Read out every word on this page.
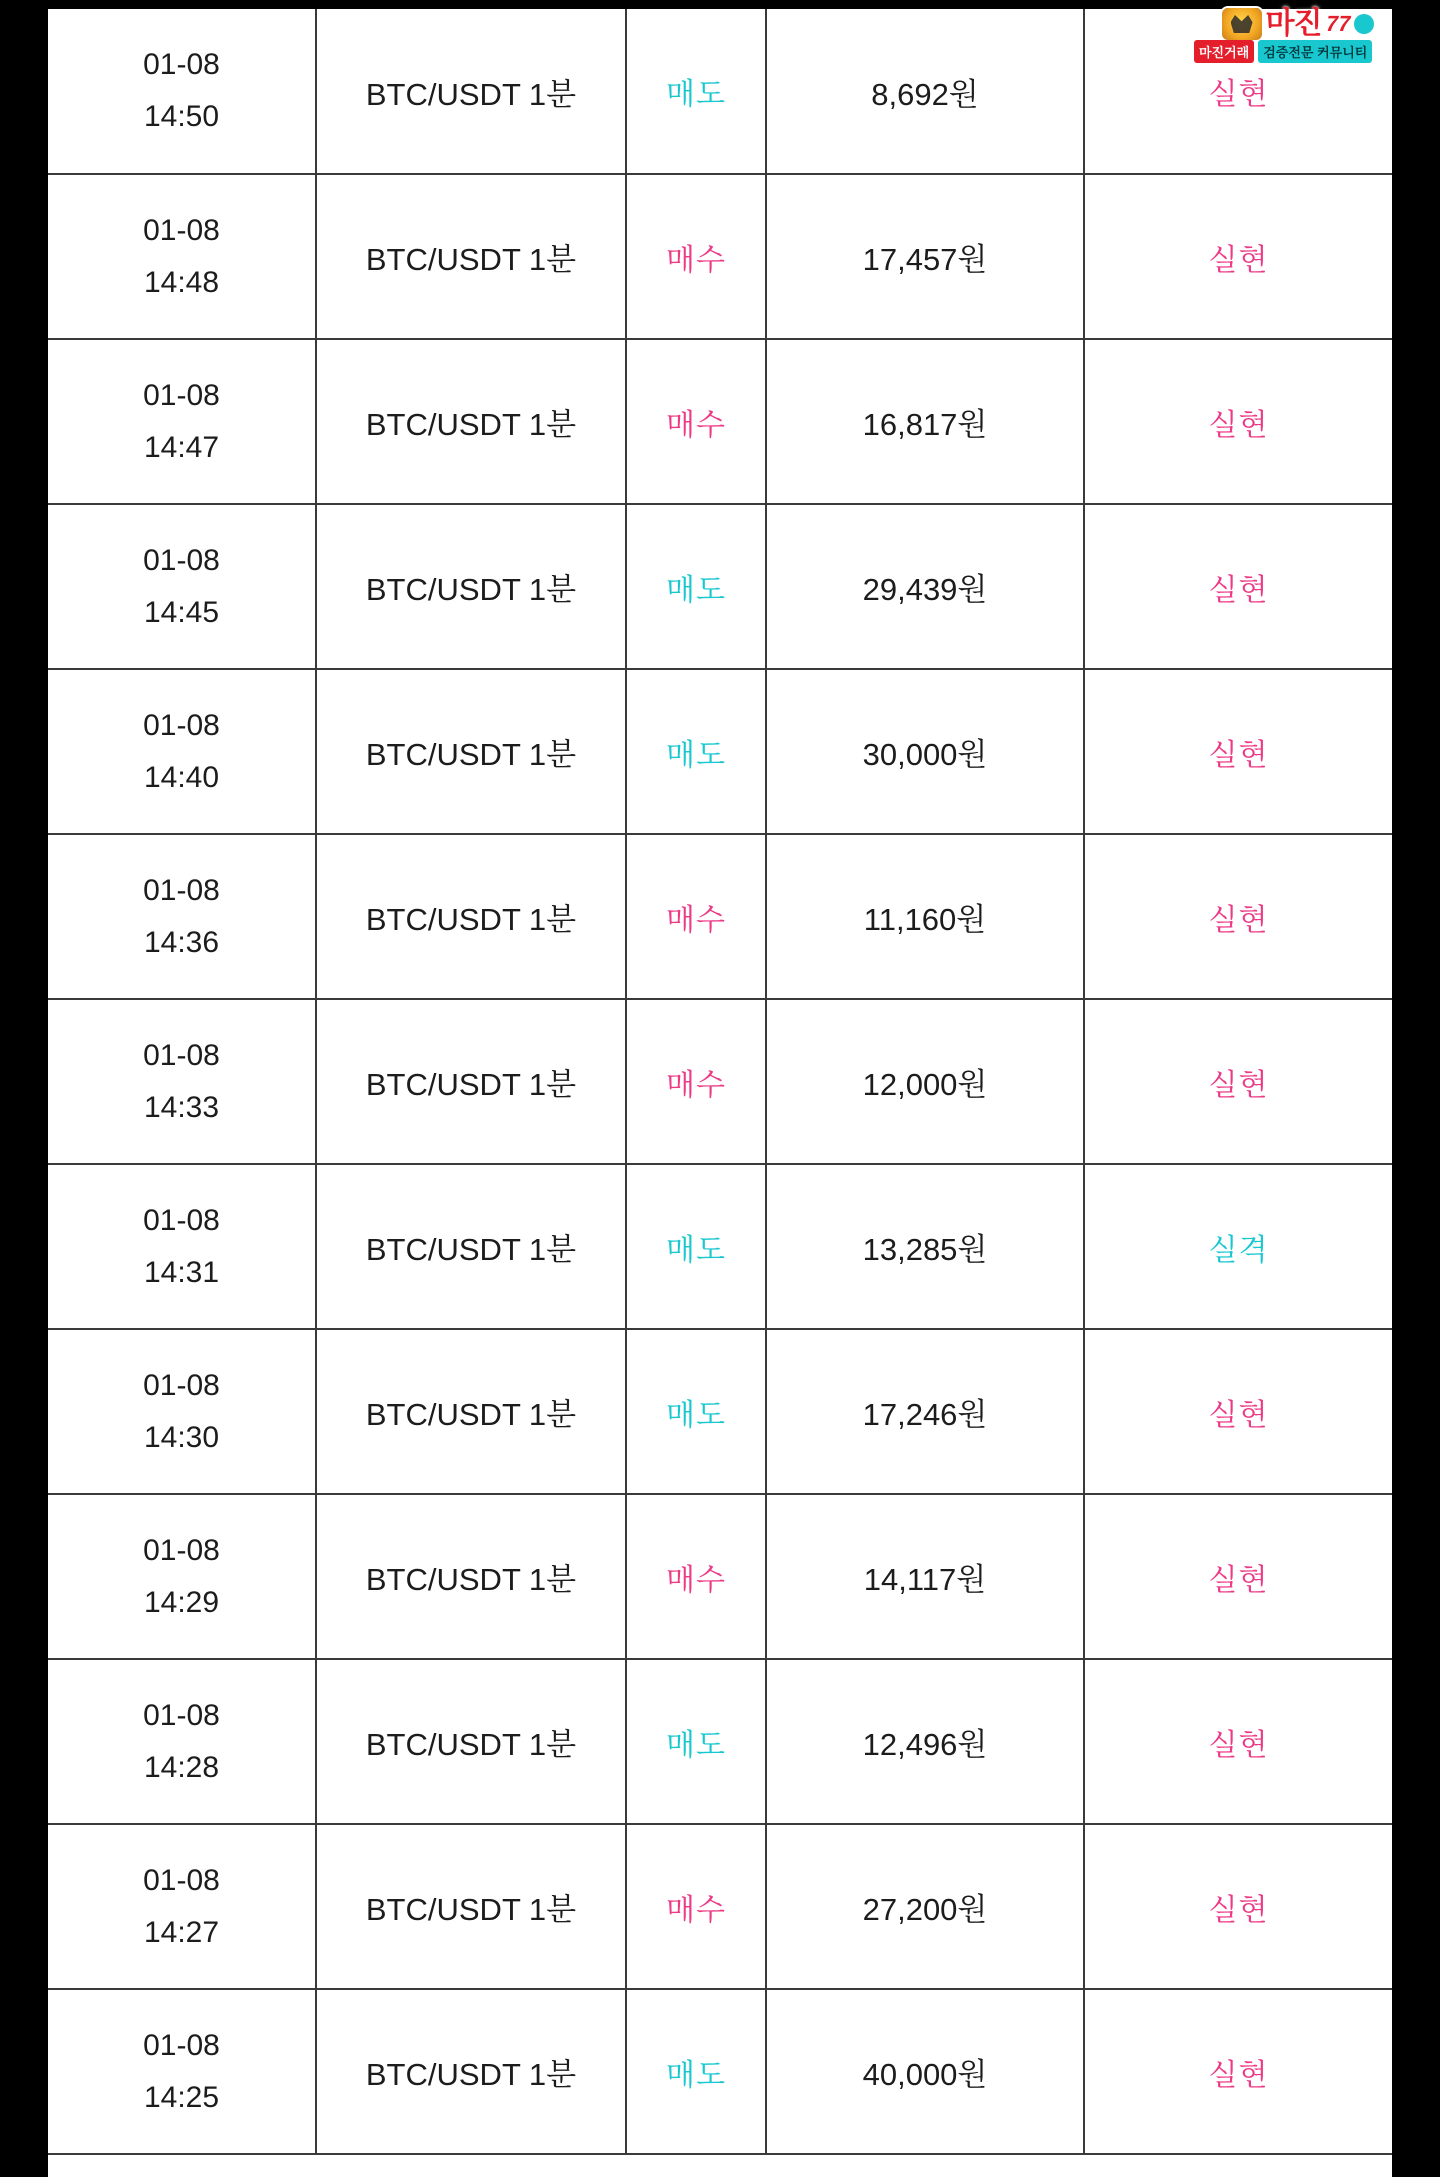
01-08
14:50	BTC/USDT 1분	매도	8,692원	실현

01-08
14:48	BTC/USDT 1분	매수	17,457원	실현

01-08
14:47	BTC/USDT 1분	매수	16,817원	실현

01-08
14:45	BTC/USDT 1분	매도	29,439원	실현

01-08
14:40	BTC/USDT 1분	매도	30,000원	실현

01-08
14:36	BTC/USDT 1분	매수	11,160원	실현

01-08
14:33	BTC/USDT 1분	매수	12,000원	실현

01-08
14:31	BTC/USDT 1분	매도	13,285원	실격

01-08
14:30	BTC/USDT 1분	매도	17,246원	실현

01-08
14:29	BTC/USDT 1분	매수	14,117원	실현

01-08
14:28	BTC/USDT 1분	매도	12,496원	실현

01-08
14:27	BTC/USDT 1분	매수	27,200원	실현

01-08
14:25	BTC/USDT 1분	매도	40,000원	실현
마진 77
마진거래	검증전문 커뮤니티
